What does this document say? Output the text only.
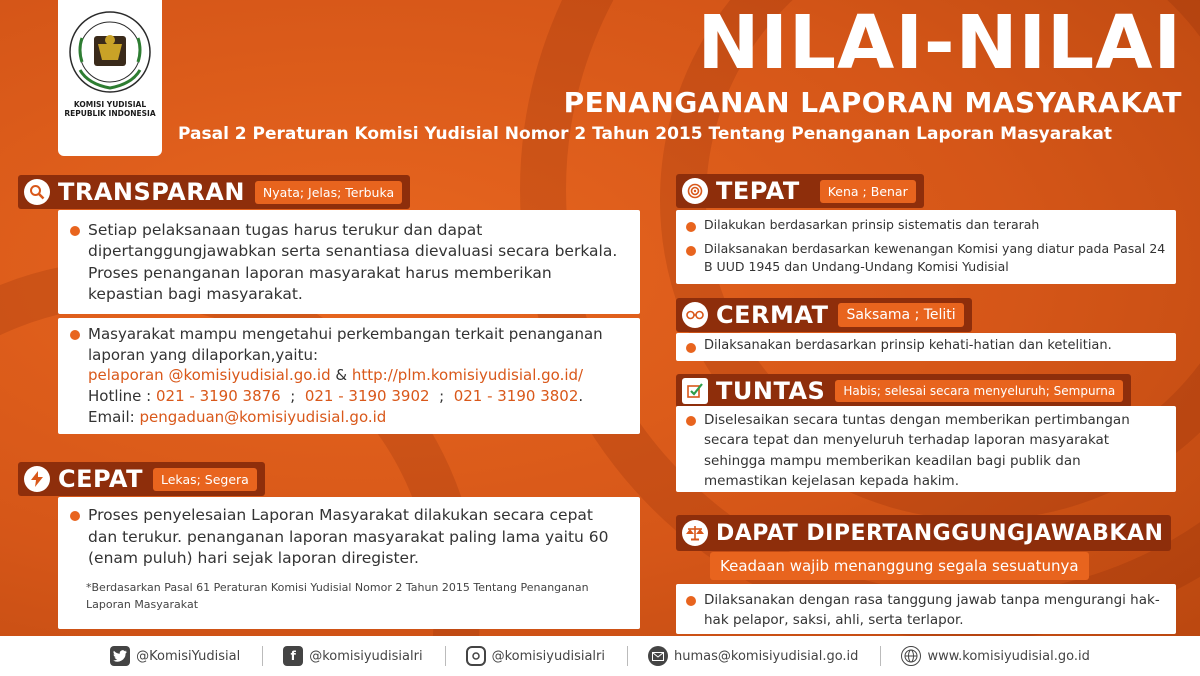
KOMISI YUDISIAL
REPUBLIK INDONESIA
NILAI-NILAI
PENANGANAN LAPORAN MASYARAKAT
Pasal 2 Peraturan Komisi Yudisial Nomor 2 Tahun 2015 Tentang Penanganan Laporan Masyarakat
TRANSPARAN	Nyata; Jelas; Terbuka
Setiap pelaksanaan tugas harus terukur dan dapat dipertanggungjawabkan serta senantiasa dievaluasi secara berkala. Proses penanganan laporan masyarakat harus memberikan kepastian bagi masyarakat.
Masyarakat mampu mengetahui perkembangan terkait penanganan laporan yang dilaporkan,yaitu:
pelaporan @komisiyudisial.go.id & http://plm.komisiyudisial.go.id/
Hotline : 021 - 3190 3876  ;  021 - 3190 3902  ;  021 - 3190 3802.
Email: pengaduan@komisiyudisial.go.id
CEPAT	Lekas; Segera
Proses penyelesaian Laporan Masyarakat dilakukan secara cepat dan terukur. penanganan laporan masyarakat paling lama yaitu 60 (enam puluh) hari sejak laporan diregister.
*Berdasarkan Pasal 61 Peraturan Komisi Yudisial Nomor 2 Tahun 2015 Tentang Penanganan Laporan Masyarakat
TEPAT	Kena ; Benar
Dilakukan berdasarkan prinsip sistematis dan terarah
Dilaksanakan berdasarkan kewenangan Komisi yang diatur pada Pasal 24 B UUD 1945 dan Undang-Undang Komisi Yudisial
CERMAT	Saksama ; Teliti
Dilaksanakan berdasarkan prinsip kehati-hatian dan ketelitian.
TUNTAS	Habis; selesai secara menyeluruh; Sempurna
Diselesaikan secara tuntas dengan memberikan pertimbangan secara tepat dan menyeluruh terhadap laporan masyarakat sehingga mampu memberikan keadilan bagi publik dan memastikan kejelasan kepada hakim.
DAPAT DIPERTANGGUNGJAWABKAN
Keadaan wajib menanggung segala sesuatunya
Dilaksanakan dengan rasa tanggung jawab tanpa mengurangi hak-hak pelapor, saksi, ahli, serta terlapor.
@KomisiYudisial	f	@komisiyudisialri	@komisiyudisialri	humas@komisiyudisial.go.id	www.komisiyudisial.go.id
